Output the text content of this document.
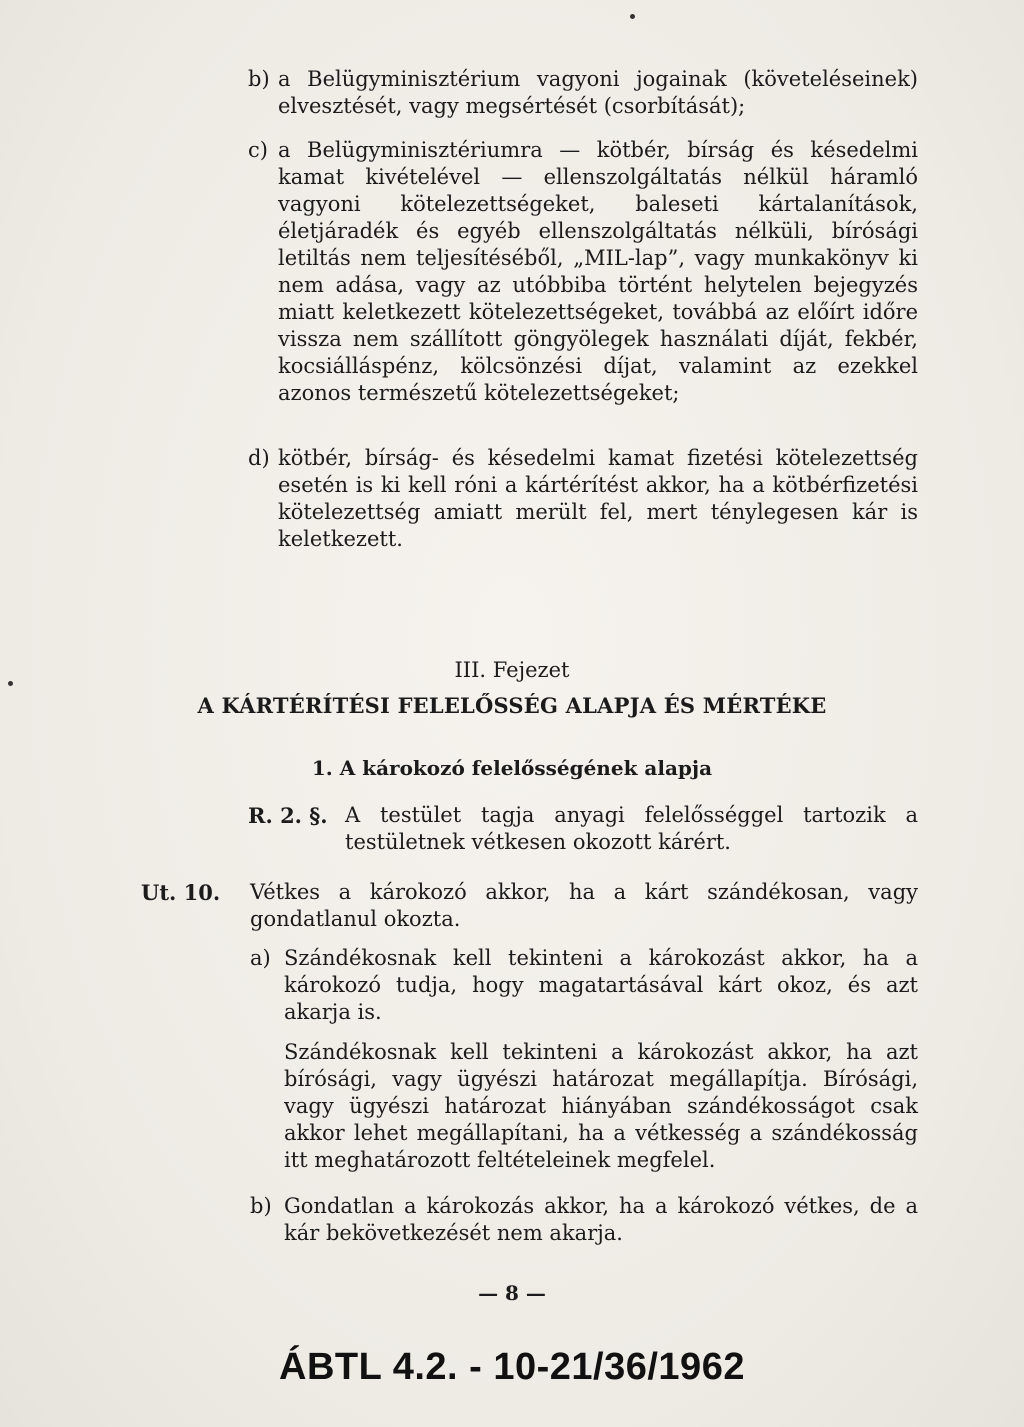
b) a Belügyminisztérium vagyoni jogainak (követeléseinek) elvesztését, vagy megsértését (csorbítását);
c) a Belügyminisztériumra — kötbér, bírság és késedelmi kamat kivételével — ellenszolgáltatás nélkül háramló vagyoni kötelezettségeket, baleseti kártalanítások, életjáradék és egyéb ellenszolgáltatás nélküli, bírósági letiltás nem teljesítéséből, „MIL-lap”, vagy munkakönyv ki nem adása, vagy az utóbbiba történt helytelen bejegyzés miatt keletkezett kötelezettségeket, továbbá az előírt időre vissza nem szállított göngyölegek használati díját, fekbér, kocsiálláspénz, kölcsönzési díjat, valamint az ezekkel azonos természetű kötelezettségeket;
d) kötbér, bírság- és késedelmi kamat fizetési kötelezettség esetén is ki kell róni a kártérítést akkor, ha a kötbérfizetési kötelezettség amiatt merült fel, mert ténylegesen kár is keletkezett.
III. Fejezet
A KÁRTÉRÍTÉSI FELELŐSSÉG ALAPJA ÉS MÉRTÉKE
1. A károkozó felelősségének alapja
R. 2. §. A testület tagja anyagi felelősséggel tartozik a testületnek vétkesen okozott kárért.
Ut. 10.	Vétkes a károkozó akkor, ha a kárt szándékosan, vagy gondatlanul okozta.
a) Szándékosnak kell tekinteni a károkozást akkor, ha a károkozó tudja, hogy magatartásával kárt okoz, és azt akarja is.
Szándékosnak kell tekinteni a károkozást akkor, ha azt bírósági, vagy ügyészi határozat megállapítja. Bírósági, vagy ügyészi határozat hiányában szándékosságot csak akkor lehet megállapítani, ha a vétkesség a szándékosság itt meghatározott feltételeinek megfelel.
b) Gondatlan a károkozás akkor, ha a károkozó vétkes, de a kár bekövetkezését nem akarja.
— 8 —
ÁBTL 4.2. - 10-21/36/1962
